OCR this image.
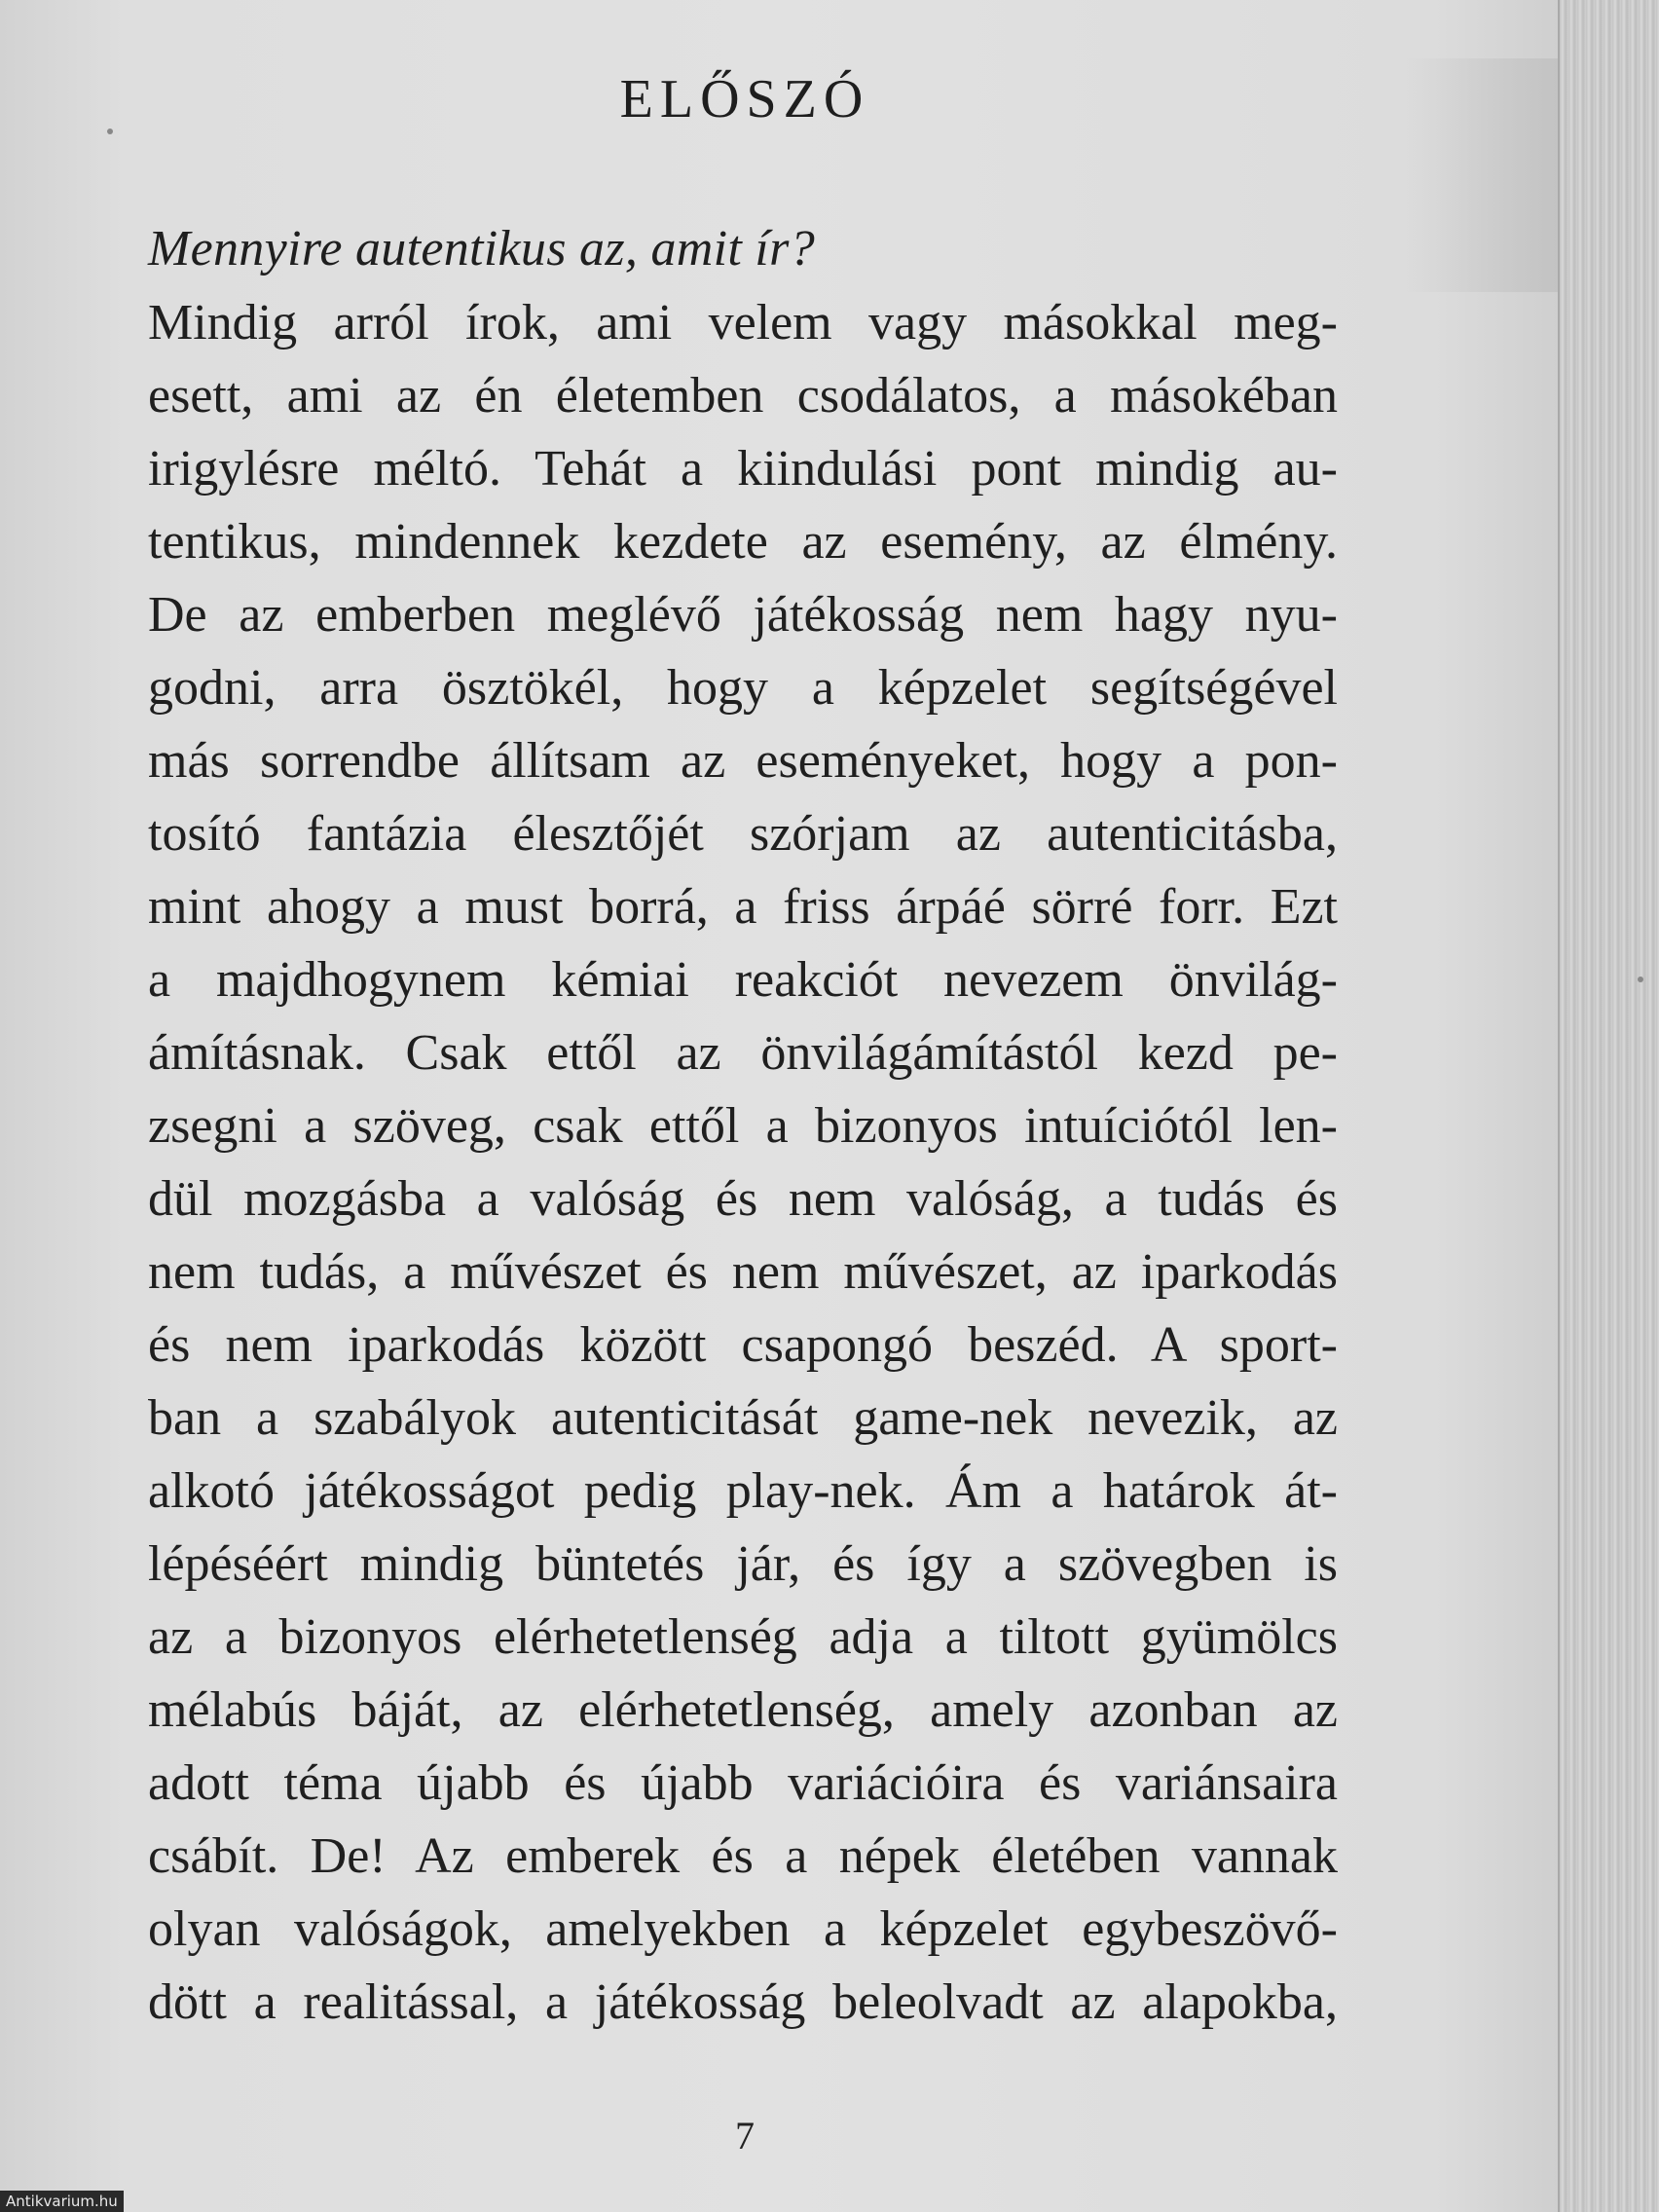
ELŐSZÓ

Mennyire autentikus az, amit ír?

Mindig arról írok, ami velem vagy másokkal meg-
esett, ami az én életemben csodálatos, a másokéban
irigylésre méltó. Tehát a kiindulási pont mindig au-
tentikus, mindennek kezdete az esemény, az élmény.
De az emberben meglévő játékosság nem hagy nyu-
godni, arra ösztökél, hogy a képzelet segítségével
más sorrendbe állítsam az eseményeket, hogy a pon-
tosító fantázia élesztőjét szórjam az autenticitásba,
mint ahogy a must borrá, a friss árpáé sörré forr. Ezt
a majdhogynem kémiai reakciót nevezem önvilág-
ámításnak. Csak ettől az önvilágámítástól kezd pe-
zsegni a szöveg, csak ettől a bizonyos intuíciótól len-
dül mozgásba a valóság és nem valóság, a tudás és
nem tudás, a művészet és nem művészet, az iparkodás
és nem iparkodás között csapongó beszéd. A sport-
ban a szabályok autenticitását game-nek nevezik, az
alkotó játékosságot pedig play-nek. Ám a határok át-
lépéséért mindig büntetés jár, és így a szövegben is
az a bizonyos elérhetetlenség adja a tiltott gyümölcs
mélabús báját, az elérhetetlenség, amely azonban az
adott téma újabb és újabb variációira és variánsaira
csábít. De! Az emberek és a népek életében vannak
olyan valóságok, amelyekben a képzelet egybeszövő-
dött a realitással, a játékosság beleolvadt az alapokba,

7

Antikvarium.hu
